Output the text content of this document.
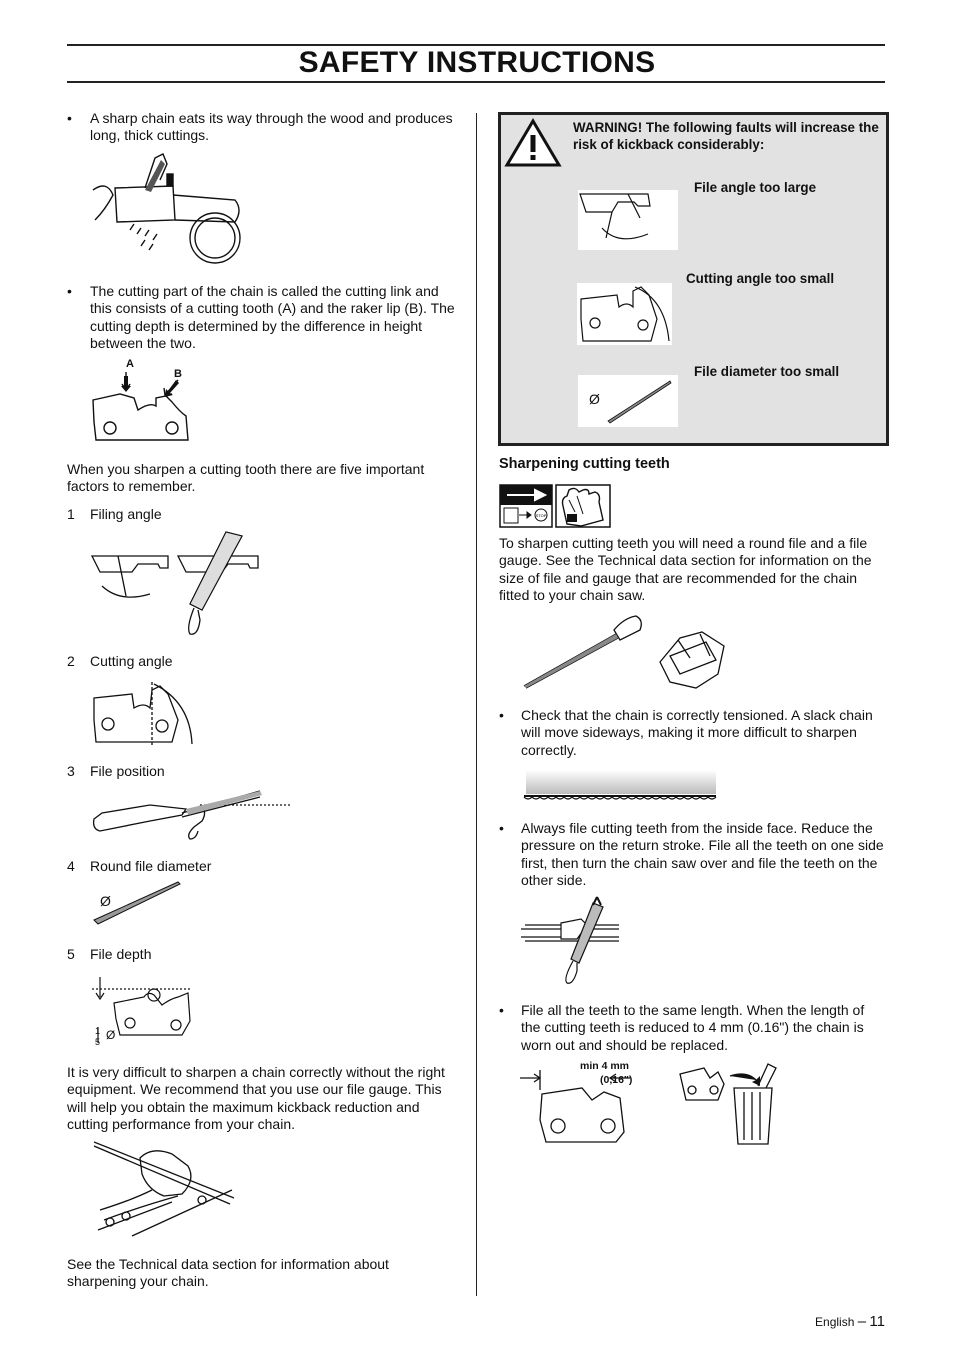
SAFETY INSTRUCTIONS
• A sharp chain eats its way through the wood and produces long, thick cuttings.
• The cutting part of the chain is called the cutting link and this consists of a cutting tooth (A) and the raker lip (B). The cutting depth is determined by the difference in height between the two.
A
B
When you sharpen a cutting tooth there are five important factors to remember.
1 Filing angle
2 Cutting angle
3 File position
4 Round file diameter
Ø
5 File depth
1
5 Ø
It is very difficult to sharpen a chain correctly without the right equipment. We recommend that you use our file gauge. This will help you obtain the maximum kickback reduction and cutting performance from your chain.
See the Technical data section for information about sharpening your chain.
WARNING! The following faults will increase the risk of kickback considerably:
File angle too large
Cutting angle too small
Ø
File diameter too small
Sharpening cutting teeth
STOP
To sharpen cutting teeth you will need a round file and a file gauge. See the Technical data section for information on the size of file and gauge that are recommended for the chain fitted to your chain saw.
• Check that the chain is correctly tensioned. A slack chain will move sideways, making it more difficult to sharpen correctly.
• Always file cutting teeth from the inside face. Reduce the pressure on the return stroke. File all the teeth on one side first, then turn the chain saw over and file the teeth on the other side.
• File all the teeth to the same length. When the length of the cutting teeth is reduced to 4 mm (0.16") the chain is worn out and should be replaced.
min 4 mm
(0,16")
English – 11
